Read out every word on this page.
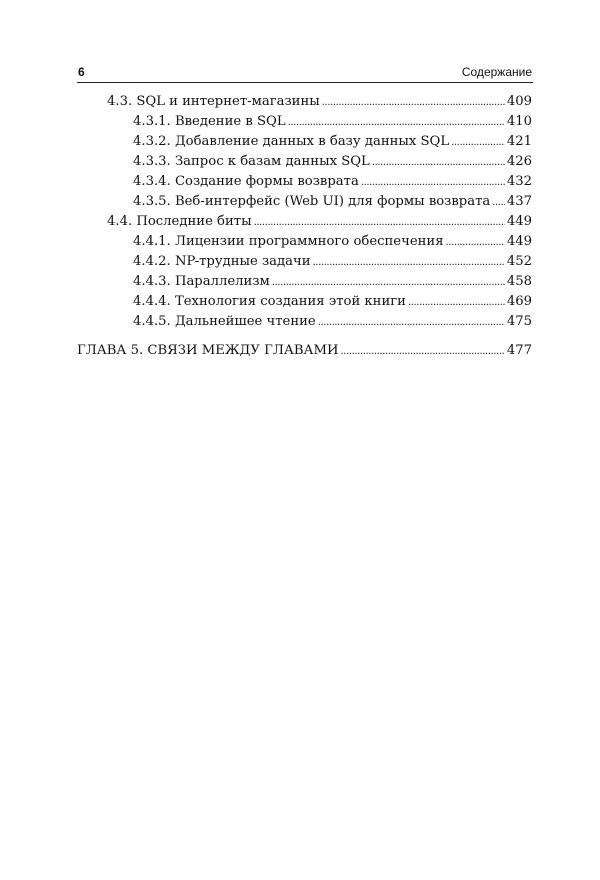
6	Содержание
4.3. SQL и интернет-магазины .....	409
4.3.1. Введение в SQL .....	410
4.3.2. Добавление данных в базу данных SQL .....	421
4.3.3. Запрос к базам данных SQL .....	426
4.3.4. Создание формы возврата .....	432
4.3.5. Веб-интерфейс (Web UI) для формы возврата ..... 437
4.4. Последние биты .....	449
4.4.1. Лицензии программного обеспечения .....	449
4.4.2. NP-трудные задачи .....	452
4.4.3. Параллелизм .....	458
4.4.4. Технология создания этой книги .....	469
4.4.5. Дальнейшее чтение .....	475
ГЛАВА 5. СВЯЗИ МЕЖДУ ГЛАВАМИ .....	477
